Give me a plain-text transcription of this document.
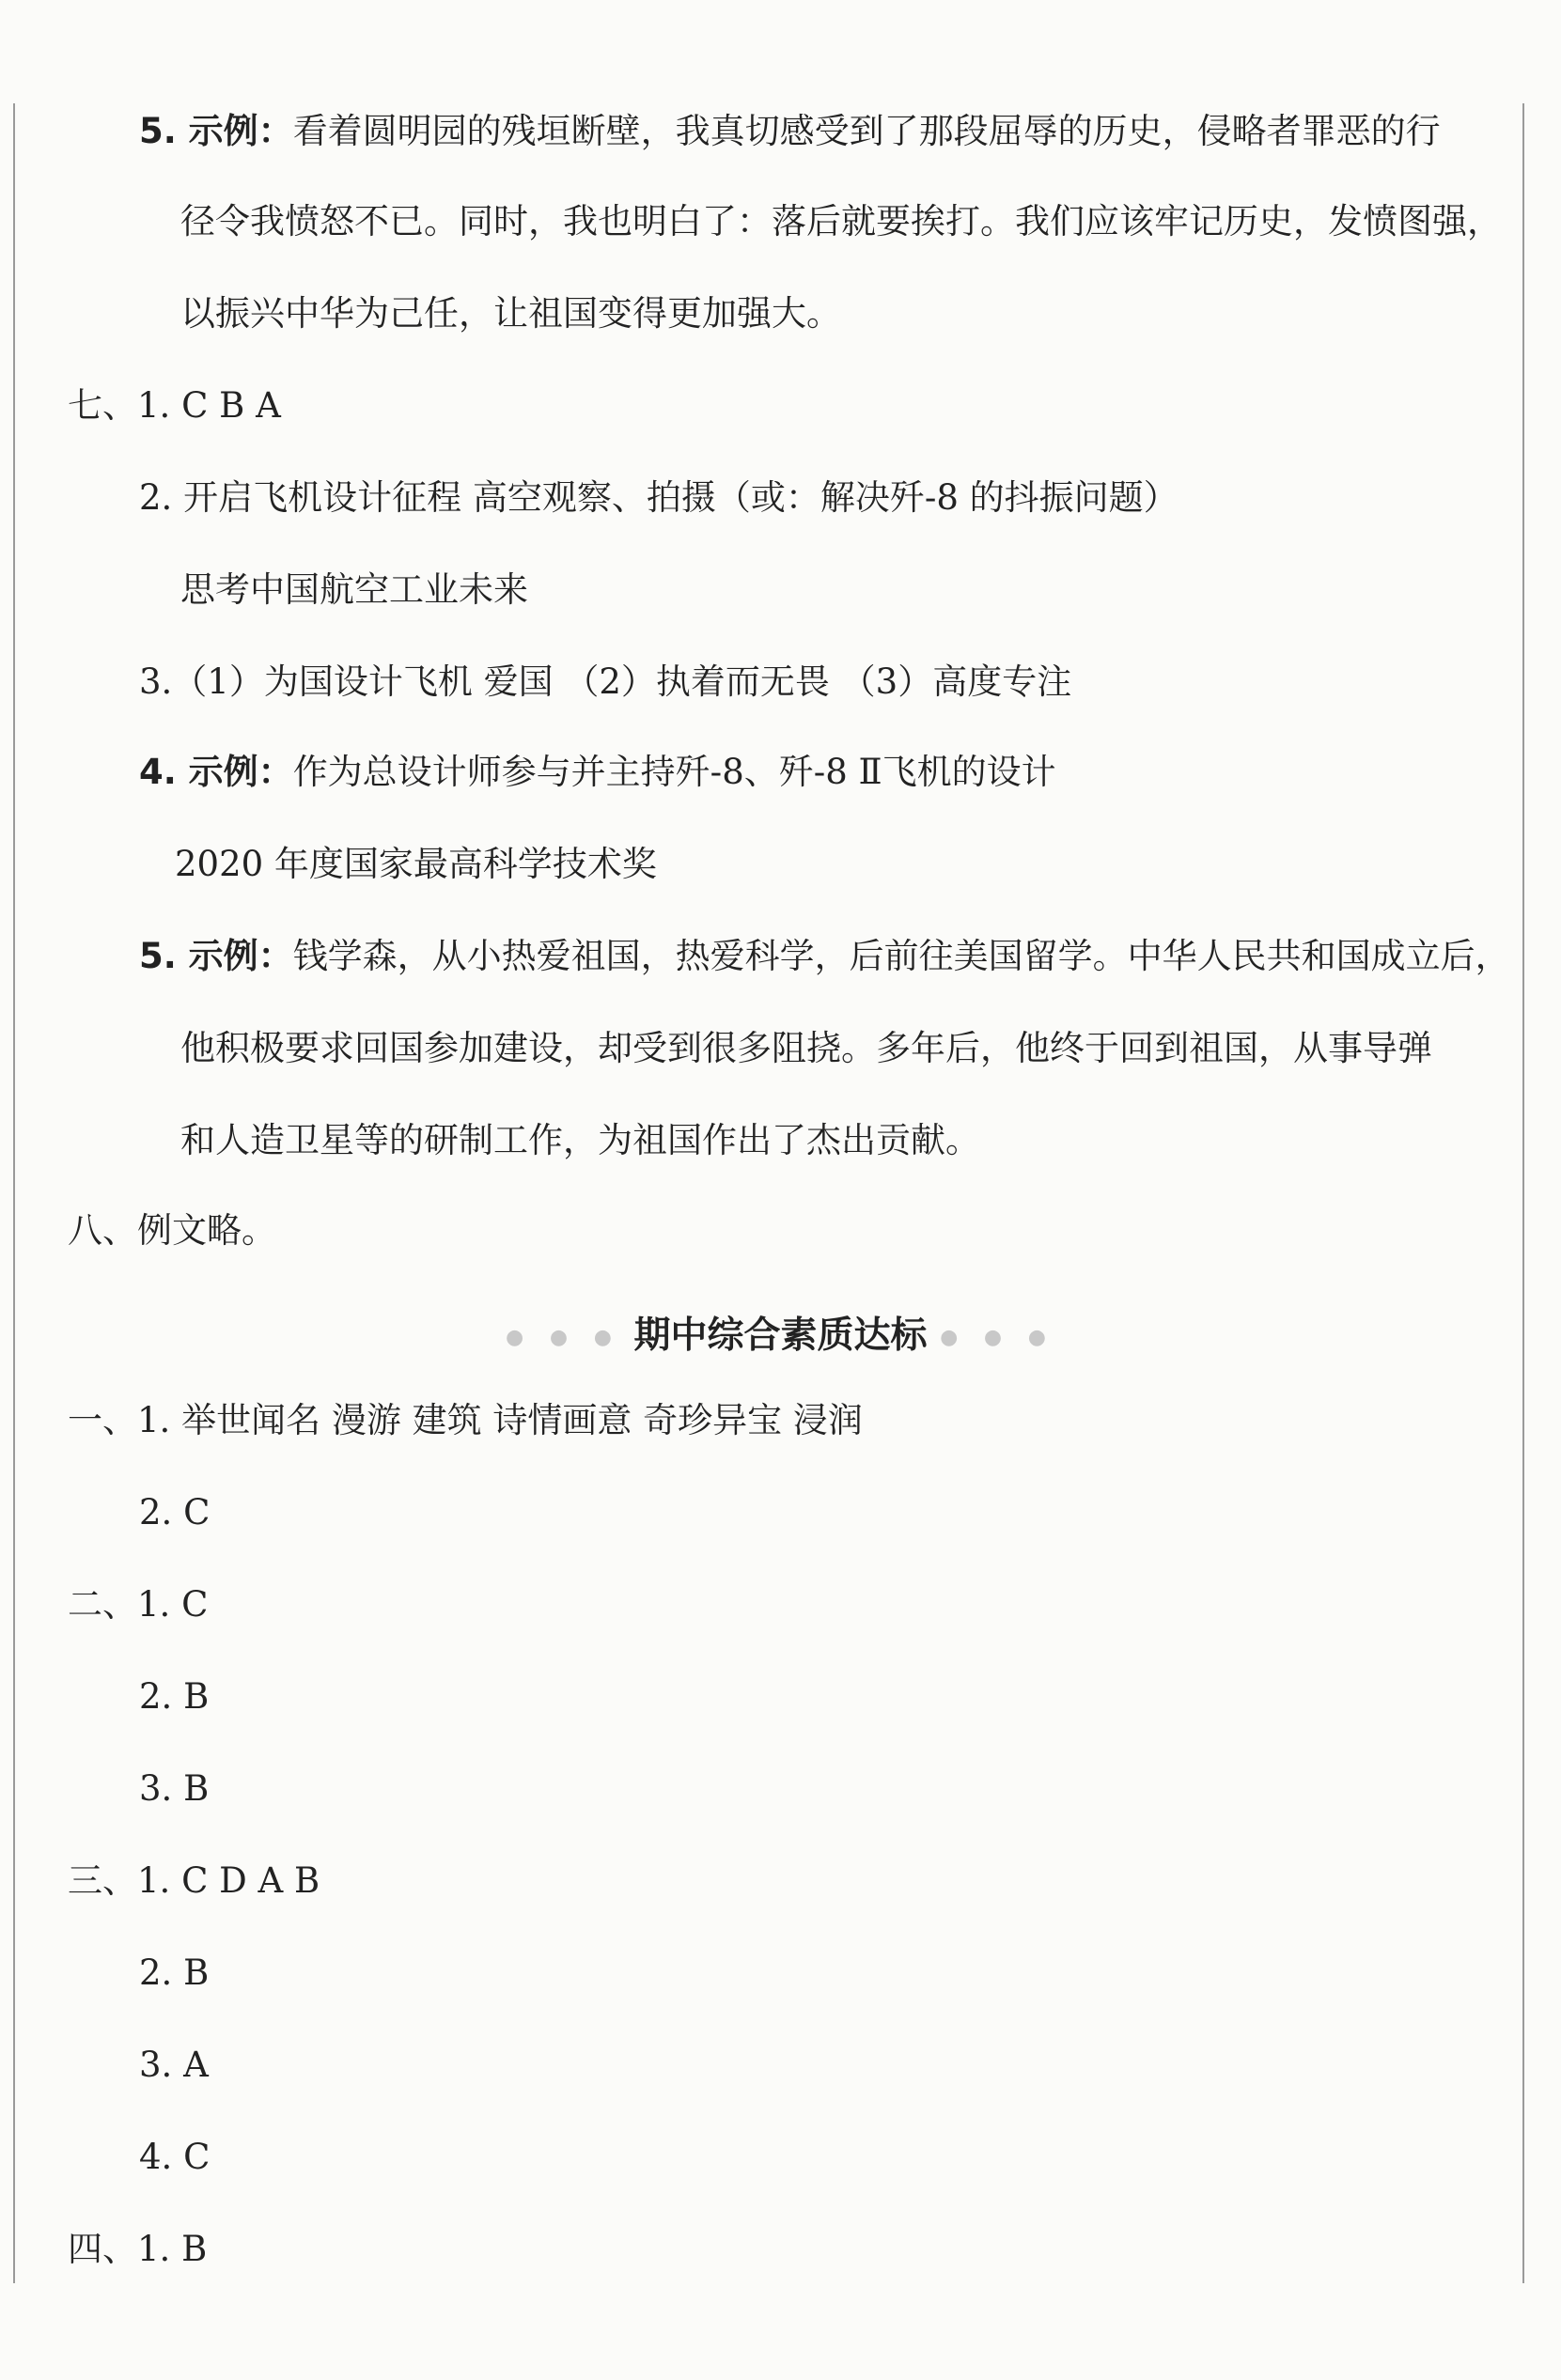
● ● ● 期中综合素质达标 ● ● ●
5. 示例：看着圆明园的残垣断壁，我真切感受到了那段屈辱的历史，侵略者罪恶的行
径令我愤怒不已。同时，我也明白了：落后就要挨打。我们应该牢记历史，发愤图强，
以振兴中华为己任，让祖国变得更加强大。
七、1. C B A
2. 开启飞机设计征程 高空观察、拍摄（或：解决歼-8 的抖振问题）
思考中国航空工业未来
3.（1）为国设计飞机 爱国 （2）执着而无畏 （3）高度专注
4. 示例：作为总设计师参与并主持歼-8、歼-8 Ⅱ飞机的设计
2020 年度国家最高科学技术奖
5. 示例：钱学森，从小热爱祖国，热爱科学，后前往美国留学。中华人民共和国成立后，
他积极要求回国参加建设，却受到很多阻挠。多年后，他终于回到祖国，从事导弹
和人造卫星等的研制工作，为祖国作出了杰出贡献。
八、例文略。
一、1. 举世闻名 漫游 建筑 诗情画意 奇珍异宝 浸润
2. C
二、1. C
2. B
3. B
三、1. C D A B
2. B
3. A
4. C
四、1. B
